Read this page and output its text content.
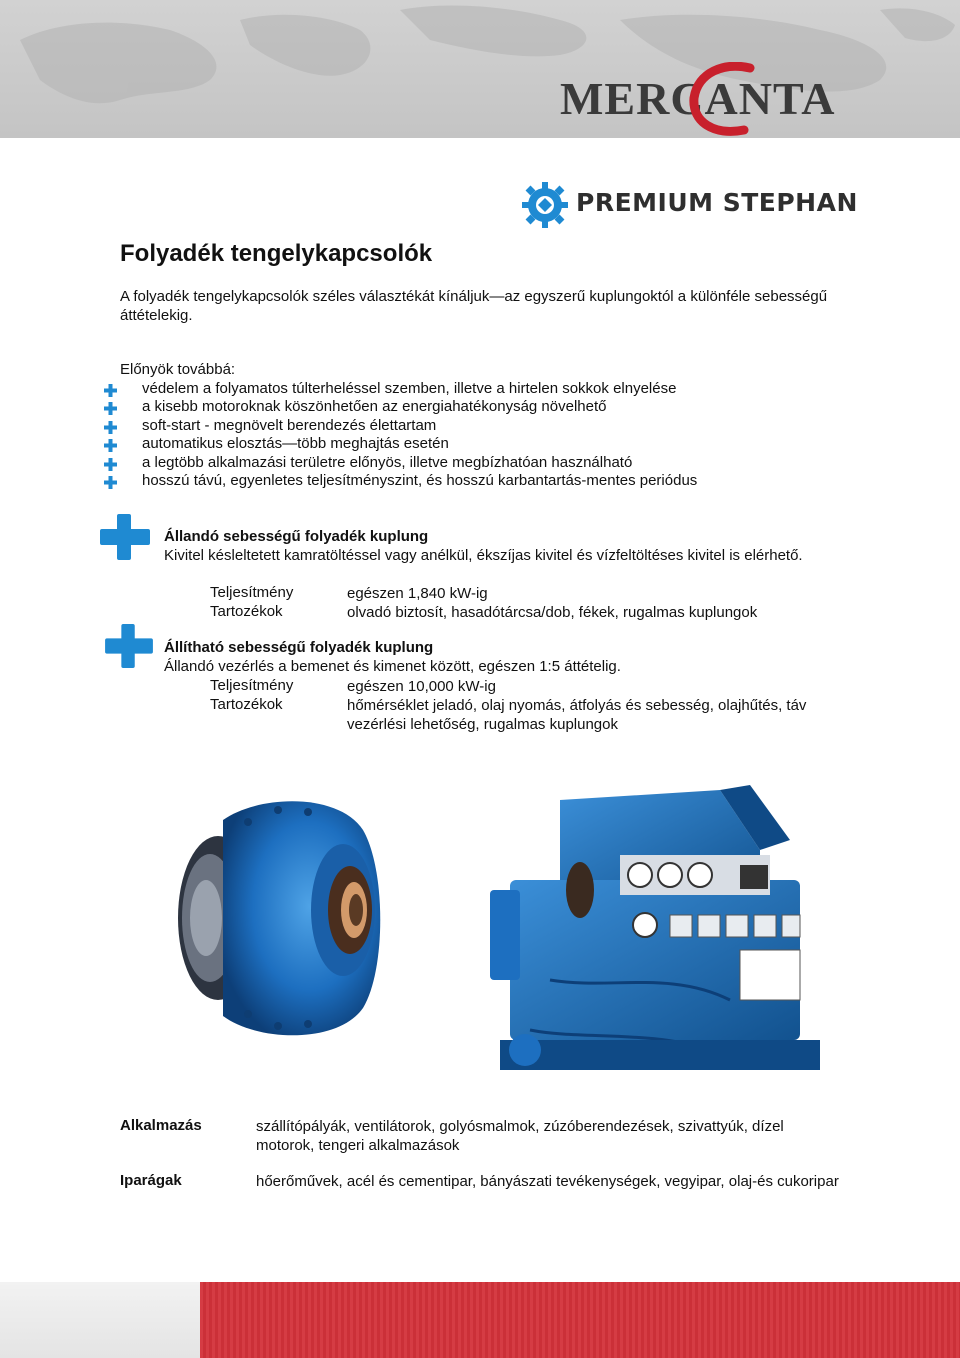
MERCANTA
PREMIUM STEPHAN
Folyadék tengelykapcsolók

A folyadék tengelykapcsolók széles választékát kínáljuk—az egyszerű kuplungoktól a különféle sebességű áttételekig.

Előnyök továbbá:
védelem a folyamatos túlterheléssel szemben, illetve a hirtelen sokkok elnyelése
a kisebb motoroknak köszönhetően az energiahatékonyság növelhető
soft-start - megnövelt berendezés élettartam
automatikus elosztás—több meghajtás esetén
a legtöbb alkalmazási területre előnyös, illetve megbízhatóan használható
hosszú távú, egyenletes teljesítményszint, és hosszú karbantartás-mentes periódus
Állandó sebességű folyadék kuplung
Kivitel késleltetett kamratöltéssel vagy anélkül, ékszíjas kivitel és vízfeltöltéses kivitel is elérhető.
Teljesítmény	egészen 1,840 kW-ig
Tartozékok	olvadó biztosít, hasadótárcsa/dob, fékek, rugalmas kuplungok
Állítható sebességű folyadék kuplung
Állandó vezérlés a bemenet és kimenet között, egészen 1:5 áttételig.
Teljesítmény	egészen 10,000 kW-ig
Tartozékok	hőmérséklet jeladó, olaj nyomás, átfolyás és sebesség, olajhűtés, táv vezérlési lehetőség, rugalmas kuplungok
Alkalmazás	szállítópályák, ventilátorok, golyósmalmok, zúzóberendezések, szivattyúk, dízel motorok, tengeri alkalmazások
Iparágak	hőerőművek, acél és cementipar, bányászati tevékenységek, vegyipar, olaj-és cukoripar
